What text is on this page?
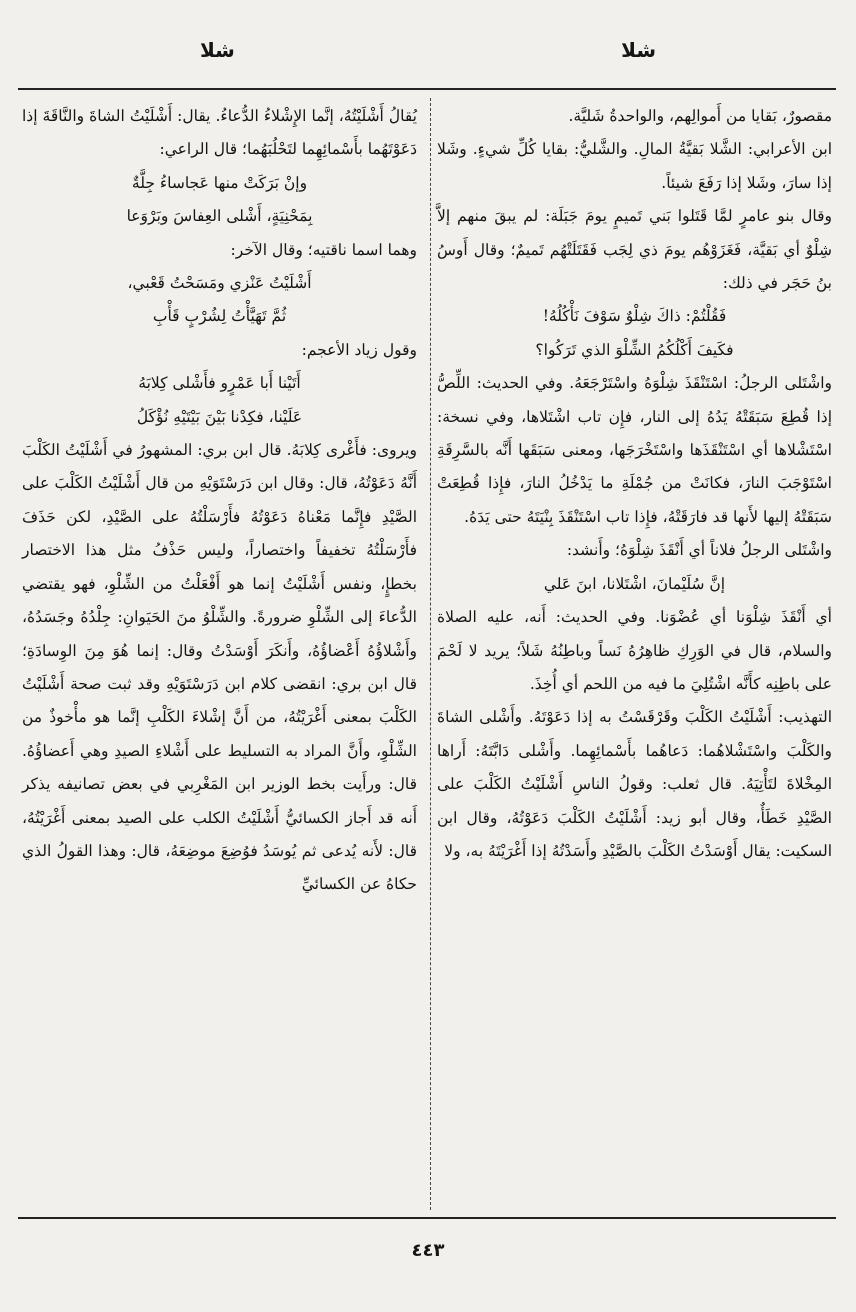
شلا
شلا

مقصورٌ، بَقايا من أَموالِهم، والواحدةُ شَليَّة.

ابن الأعرابي: الشَّلا بَقيَّةُ المالِ. والشَّليُّ: بقايا كُلِّ شيءٍ. وشَلا إذا سارَ، وشَلا إذا رَفَعَ شيئاً.

وقال بنو عامرٍ لمَّا قَتَلوا بَني تَميمٍ يومَ جَبَلَة: لم يبقَ منهم إلاَّ شِلْوٌ أي بَقيَّة، فَغَزَوْهُم يومَ ذي لِجَب فَقَتَلَتْهُم تَميمٌ؛ وقال أَوسُ بنُ حَجَر في ذلك:

فَقُلْتُمْ: ذاكَ شِلْوٌ سَوْفَ نَأْكُلُهُ!

فكَيفَ أَكْلُكُمُ الشِّلْوَ الذي تَرَكُوا؟

واشْتَلى الرجلُ: اسْتَنْقَذَ شِلْوَهُ واسْتَرْجَعَهُ. وفي الحديث: اللِّصُّ إذا قُطِعَ سَبَقَتْهُ يَدُهُ إلى النار، فإِن تاب اشْتَلاها، وفي نسخة: اسْتَشْلاها أي اسْتَنْقَذَها واسْتَخْرَجَها، ومعنى سَبَقَها أَنَّه بالسَّرِقَةِ اسْتَوْجَبَ النارَ، فكانَتْ من جُمْلَةِ ما يَدْخُلُ النارَ، فإِذا قُطِعَتْ سَبَقَتْهُ إليها لأَنها قد فارَقَتْهُ، فإِذا تاب اسْتَنْقَذَ بِنْيَتَهُ حتى يَدَهُ.

واشْتَلى الرجلُ فلاناً أي أَنْقَذَ شِلْوَهُ؛ وأَنشد:

إنَّ سُلَيْمانَ، اشْتَلانا، ابنَ عَلي

أي أَنْقَذَ شِلْوَنا أي عُضْوَنا. وفي الحديث: أَنه، عليه الصلاة والسلام، قال في الوَرِكِ ظاهِرُهُ نَساً وباطِنُهُ شَلاً؛ يريد لا لَحْمَ على باطِنِه كأَنَّه اشْتُلِيَ ما فيه من اللحم أي أُخِذَ.

التهذيب: أَشْلَيْتُ الكَلْبَ وقَرْقَسْتُ به إذا دَعَوْتَهُ. وأَشْلى الشاةَ والكَلْبَ واسْتَشْلاهُما: دَعاهُما بأَسْمائِهِما. وأَشْلى دَابَّتَهُ: أَراها المِخْلاةَ لتَأْتِيَهُ. قال ثعلب: وقولُ الناسِ أَشْلَيْتُ الكَلْبَ على الصَّيْدِ خَطَأٌ، وقال أبو زيد: أَشْلَيْتُ الكَلْبَ دَعَوْتُهُ، وقال ابن السكيت: يقال أَوْسَدْتُ الكَلْبَ بالصَّيْدِ وأَسَدْتُهُ إذا أَغْرَيْتَهُ به، ولا

يُقالُ أَشْلَيْتُهُ، إنَّما الإِشْلاءُ الدُّعاءُ. يقال: أَشْلَيْتُ الشاةَ والنَّاقَةَ إذا دَعَوْتَهُما بأَسْمائِهِما لتَحْلُبَهُما؛ قال الراعي:

وإنْ بَرَكَتْ منها عَجاساءُ جِلَّةٌ

بِمَحْنِيَةٍ، أَشْلى العِفاسَ وبَرْوَعا

وهما اسما ناقتيه؛ وقال الآخر:

أَشْلَيْتُ عَنْزي ومَسَحْتُ قَعْبي،

ثُمَّ تَهَيَّأْتُ لِشُرْبٍ قَأْبِ

وقول زياد الأعجم:

أَتَيْنا أَبا عَمْرٍو فأَشْلى كِلابَهُ

عَلَيْنا، فكِدْنا بَيْنَ بَيْتَيْهِ نُؤْكَلُ

ويروى: فأَغْرى كِلابَهُ. قال ابن بري: المشهورُ في أَشْلَيْتُ الكَلْبَ أَنَّهُ دَعَوْتُهُ، قال: وقال ابن دَرَسْتَوَيْهِ من قال أَشْلَيْتُ الكَلْبَ على الصَّيْدِ فإِنَّما مَعْناهُ دَعَوْتُهُ فأَرْسَلْتُهُ على الصَّيْدِ، لكن حَذَفَ فأَرْسَلْتُهُ تخفيفاً واختصاراً، وليس حَذْفُ مثل هذا الاختصار بخطإٍ، ونفس أَشْلَيْتُ إنما هو أَفْعَلْتُ من الشِّلْوِ، فهو يقتضي الدُّعاءَ إلى الشِّلْوِ ضرورةً. والشِّلْوُ منَ الحَيَوانِ: جِلْدُهُ وجَسَدُهُ، وأَشْلاؤُهُ أَعْضاؤُهُ، وأَنكَرَ أَوْسَدْتُ وقال: إنما هُوَ مِنَ الوِسادَةِ؛ قال ابن بري: انقضى كلام ابن دَرَسْتَوَيْهِ وقد ثبت صحة أَشْلَيْتُ الكَلْبَ بمعنى أَغْرَيْتُهُ، من أَنَّ إشْلاءَ الكَلْبِ إنَّما هو مأْخوذٌ من الشِّلْوِ، وأَنَّ المراد به التسليط على أَشْلاءِ الصيدِ وهي أَعضاؤُهُ. قال: ورأَيت بخط الوزير ابن المَغْرِبي في بعض تصانيفه يذكر أَنه قد أَجاز الكسائيُّ أَشْلَيْتُ الكلب على الصيد بمعنى أَغْرَيْتُهُ، قال: لأَنه يُدعى ثم يُوسَدُ فوُضِعَ موضِعَهُ، قال: وهذا القولُ الذي حكاهُ عن الكسائيِّ

٤٤٣
